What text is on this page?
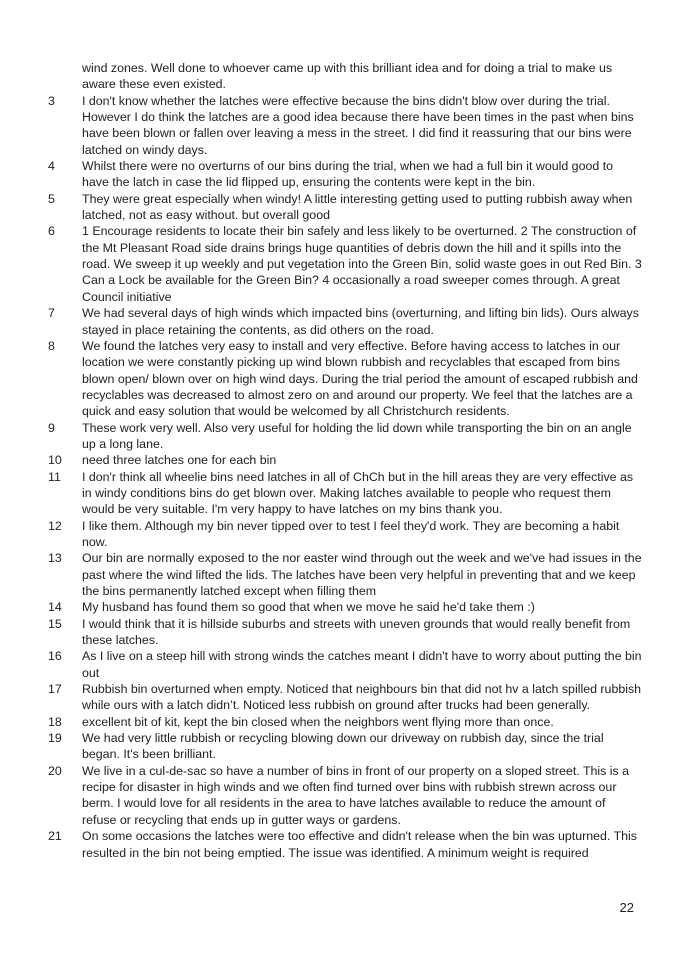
wind zones. Well done to whoever came up with this brilliant idea and for doing a trial to make us aware these even existed.
3	I don't know whether the latches were effective because the bins didn't blow over during the trial. However I do think the latches are a good idea because there have been times in the past when bins have been blown or fallen over leaving a mess in the street. I did find it reassuring that our bins were latched on windy days.
4	Whilst there were no overturns of our bins during the trial, when we had a full bin it would good to have the latch in case the lid flipped up, ensuring the contents were kept in the bin.
5	They were great especially when windy! A little interesting getting used to putting rubbish away when latched, not as easy without. but overall good
6	1 Encourage residents to locate their bin safely and less likely to be overturned. 2 The construction of the Mt Pleasant Road side drains brings huge quantities of debris down the hill and it spills into the road. We sweep it up weekly and put vegetation into the Green Bin, solid waste goes in out Red Bin. 3 Can a Lock be available for the Green Bin? 4 occasionally a road sweeper comes through. A great Council initiative
7	We had several days of high winds which impacted bins (overturning, and lifting bin lids). Ours always stayed in place retaining the contents, as did others on the road.
8	We found the latches very easy to install and very effective. Before having access to latches in our location we were constantly picking up wind blown rubbish and recyclables that escaped from bins blown open/ blown over on high wind days. During the trial period the amount of escaped rubbish and recyclables was decreased to almost zero on and around our property. We feel that the latches are a quick and easy solution that would be welcomed by all Christchurch residents.
9	These work very well. Also very useful for holding the lid down while transporting the bin on an angle up a long lane.
10	need three latches one for each bin
11	I don'r think all wheelie bins need latches in all of ChCh but in the hill areas they are very effective as in windy conditions bins do get blown over. Making latches available to people who request them would be very suitable. I'm very happy to have latches on my bins thank you.
12	I like them. Although my bin never tipped over to test I feel they'd work. They are becoming a habit now.
13	Our bin are normally exposed to the nor easter wind through out the week and we've had issues in the past where the wind lifted the lids. The latches have been very helpful in preventing that and we keep the bins permanently latched except when filling them
14	My husband has found them so good that when we move he said he'd take them :)
15	I would think that it is hillside suburbs and streets with uneven grounds that would really benefit from these latches.
16	As I live on a steep hill with strong winds the catches meant I didn't have to worry about putting the bin out
17	Rubbish bin overturned when empty. Noticed that neighbours bin that did not hv a latch spilled rubbish while ours with a latch didn’t. Noticed less rubbish on ground after trucks had been generally.
18	excellent bit of kit, kept the bin closed when the neighbors went flying more than once.
19	We had very little rubbish or recycling blowing down our driveway on rubbish day, since the trial began. It's been brilliant.
20	We live in a cul-de-sac so have a number of bins in front of our property on a sloped street. This is a recipe for disaster in high winds and we often find turned over bins with rubbish strewn across our berm. I would love for all residents in the area to have latches available to reduce the amount of refuse or recycling that ends up in gutter ways or gardens.
21	On some occasions the latches were too effective and didn't release when the bin was upturned. This resulted in the bin not being emptied. The issue was identified. A minimum weight is required
22
